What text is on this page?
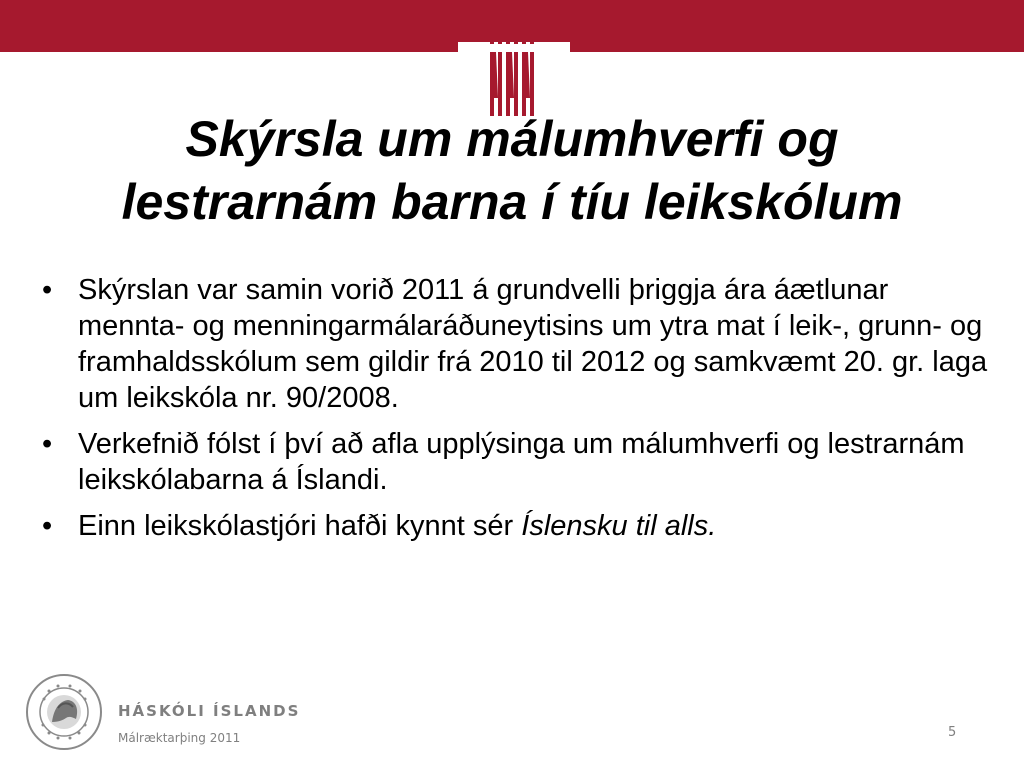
Skýrsla um málumhverfi og
lestrarnám barna í tíu leikskólum
• Skýrslan var samin vorið 2011 á grundvelli þriggja ára áætlunar mennta- og menningarmálaráðuneytisins um ytra mat í leik-, grunn- og framhaldsskólum sem gildir frá 2010 til 2012 og samkvæmt 20. gr. laga um leikskóla nr. 90/2008.
• Verkefnið fólst í því að afla upplýsinga um málumhverfi og lestrarnám leikskólabarna á Íslandi.
• Einn leikskólastjóri hafði kynnt sér Íslensku til alls.
HÁSKÓLI ÍSLANDS
Málræktarþing 2011	5
